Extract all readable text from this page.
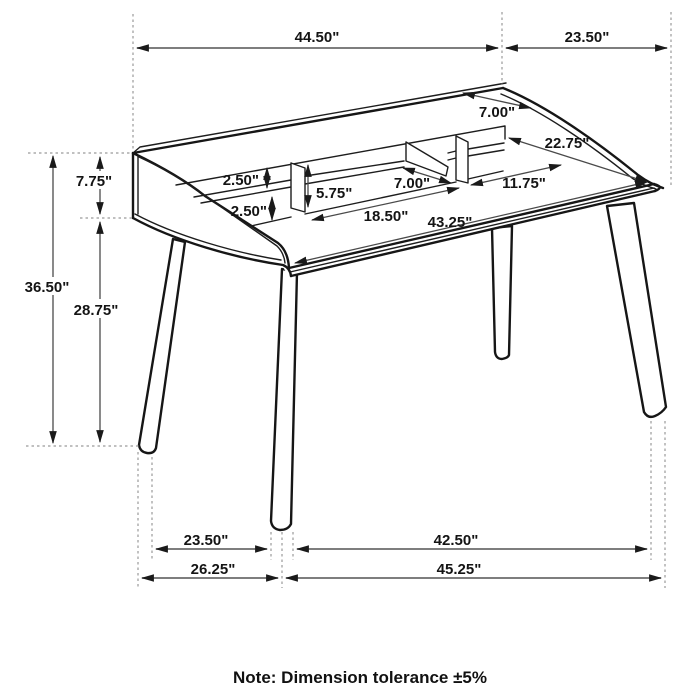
44.50"	23.50"
36.50"
7.75"
28.75"
2.50"
2.50"
5.75"
7.00"
7.00"
22.75"
18.50"
11.75"
43.25"
23.50"
26.25"
42.50"
45.25"
Note: Dimension tolerance ±5%
